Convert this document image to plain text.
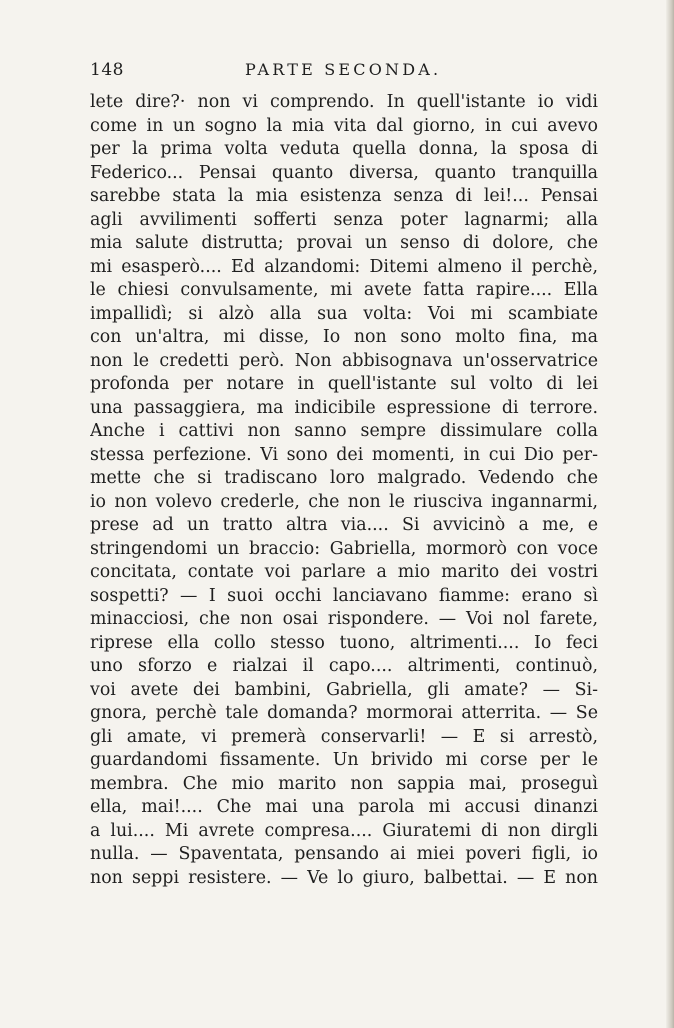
148	PARTE SECONDA.
lete dire?· non vi comprendo. In quell'istante io vidi
come in un sogno la mia vita dal giorno, in cui avevo
per la prima volta veduta quella donna, la sposa di
Federico... Pensai quanto diversa, quanto tranquilla
sarebbe stata la mia esistenza senza di lei!... Pensai
agli avvilimenti sofferti senza poter lagnarmi; alla
mia salute distrutta; provai un senso di dolore, che
mi esasperò.... Ed alzandomi: Ditemi almeno il perchè,
le chiesi convulsamente, mi avete fatta rapire.... Ella
impallidì; si alzò alla sua volta: Voi mi scambiate
con un'altra, mi disse, Io non sono molto fina, ma
non le credetti però. Non abbisognava un'osservatrice
profonda per notare in quell'istante sul volto di lei
una passaggiera, ma indicibile espressione di terrore.
Anche i cattivi non sanno sempre dissimulare colla
stessa perfezione. Vi sono dei momenti, in cui Dio per-
mette che si tradiscano loro malgrado. Vedendo che
io non volevo crederle, che non le riusciva ingannarmi,
prese ad un tratto altra via.... Si avvicinò a me, e
stringendomi un braccio: Gabriella, mormorò con voce
concitata, contate voi parlare a mio marito dei vostri
sospetti? — I suoi occhi lanciavano fiamme: erano sì
minacciosi, che non osai rispondere. — Voi nol farete,
riprese ella collo stesso tuono, altrimenti.... Io feci
uno sforzo e rialzai il capo.... altrimenti, continuò,
voi avete dei bambini, Gabriella, gli amate? — Si-
gnora, perchè tale domanda? mormorai atterrita. — Se
gli amate, vi premerà conservarli! — E si arrestò,
guardandomi fissamente. Un brivido mi corse per le
membra. Che mio marito non sappia mai, proseguì
ella, mai!.... Che mai una parola mi accusi dinanzi
a lui.... Mi avrete compresa.... Giuratemi di non dirgli
nulla. — Spaventata, pensando ai miei poveri figli, io
non seppi resistere. — Ve lo giuro, balbettai. — E non
